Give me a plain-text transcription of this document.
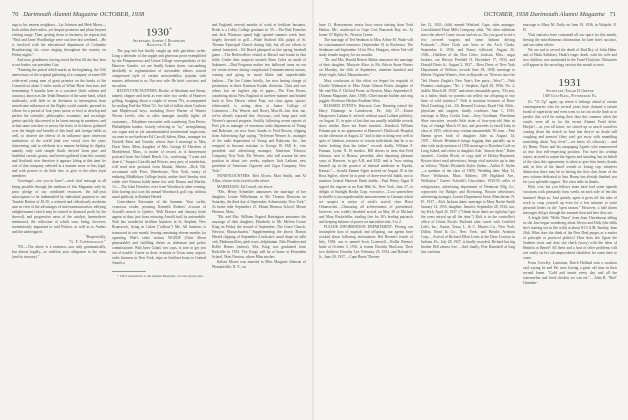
70 Dartmouth Alumni Magazine OCTOBER, 1938

ings to his nearest neighbors—Lyt Johnson and Herb Morse—both within three miles, yet despite promises and plans beyond visiting range. Then, getting down to business, he reports that "Paul and Janet Woodbridge were out here last weekend.....He is involved with the educational department of Columbia Broadcasting, his voice ringing throughout the country on Friday nights."

And now, gentlemen, having saved the best till the last, here is our leader, our president Gus:

"Entering the period which marks as the beginning, the 15th anniversary of the original gathering of a company of some 650 wide-eyed young men of great promise on the banks of the Connecticut about 5 miles north of White River Junction, and terminating 9 months later in a conclave (both solemn and raucous), known as the Tenth Reunion of the same band, which studiously, with little or no deviation or interruption from unwelcome influences of the Bigley world outside, pursued its efforts for a period of four years (more or less) to develop and perfect the scientific, philosophic, economic, and sociologic genius quickly discovered to be latent among its members, and at that same conclave to survey the fruits of its labors, gathered over the length and breadth of this land, and foreign fields as well, to observe the effects of its influence upon timeworn institutions of the world (and vice versa) over the years intervening, and to celebrate in a manner befitting its dignity, namely, only with simple fluids derived from pure and healthful cereals, grains, and berries gathered from this country and Scotland; now therefore it appears fitting at this time for one of that company, selected in a manner more or less legal, and with powers to do little else, to give to the other loyal members:

'Greetings!—see you in June!'—each vital message to all being possible through the medium of this Magazine only by prior pledge of our combined resources, the full-year subscription to be indemnified by individual payment to one Trunkie Britton of $1.50, a reduced and ridiculously moderate sum in view of the advantages of intercommunication, edifying enlightenment (which may be turned to financial profit by the shrewd), and progressive news of the catalyst, hereinabove mentioned, the collection of which sum, being, however, momentously important to said Britton, as well as to Anders and the undersigned.

"Respectfully,

"G. F. Tobbermann."

"P.S.—The above is a sentence—not only grammatically, but almost legally—to reaffirm your allegiance to the class (and its treasury)."

1930*
Secretary, Albert I. Dickerson
Hanover, N. H.

The gag rule has finally caught up with garrulous scribe. Long a defender of the supple and generous prose exemplified by the Pompanoosuc and Union Village correspondents of the Hanover Gazette, we are finally beaten down, succumbing decidedly to regimentation of inexorable editors toward compressed style of certain newsweeklies, popular with masses, abhorrent to us. Our new rule: Be brief, succinct, and succulent.

RECENT ENCOUNTERS: Roulie, of Abraham and Straus, tanned, chipper and fresh as ever after two weeks of Hanover golfing, bragging about a couple of recent 79's, accompanied by smiling Fred the White '31. Are full of tidbits about Goshens and Maplewood boys, including Steve Warner of Warner Woven Levels, who as sales manager steadily fights off customers.....Telephone encounter with wandering Tom Peirce, Philadelphia banker, loosely referring to "us," strengthening our vague and as yet unsubstantiated matrimonial suspicions, on route to see hardware Ed Carroll, Salem, Mass., manager for Norfolk Paint and Varnish, whose June 4 marriage to Miss Doris Shaw Allen, daughter of Mrs. George D. Hershaw of Marblehead, Mass., is matter of record, as is honeymoon postcard from Sea Island Beach, Ga., confessing "I went and done it." Suspect Carrolls and Peirces, easy prey of wanderlust, will send next postcard from Irkutsk, Siberia.....Dick Tilt, accountant with Price, Waterhouse, New York, weary of enduring Middlebury College books, makes brief Sunday visit while wife Eleanor holds home fort with Donna, and Martha, 1¼.....The John Frenches, over from Woodstock other evening, John having just won his annual Woodstock golf cup, without usual publicity in Rutland Herald.

Coincidence Encounter of the Summer. Your scribe, voracious reader, perusing Kenneth Roberts' account of Arnold's march to Quebec. Walt Dresser and January bride appear at door, just from retracing Arnold trail, by automobile. Walt has wonderful fertilizer business in St. Stephen, New Brunswick, living in Calais ("callous") Me. All business is transacted in one month, leaving remaining eleven months for operating Walt's radio station, WCEDF (Clint Abern pleasurable) and fulfilling duties as alderman and police commissioner. Walt hires Calais' two cops, is sure to get you out of trouble. Career so dose: aviation re Texas army airport; radio business in New York, trips on fertilizer boats to Central America

* 100% subscribers to the Alumni Magazine, on class group plan.

and England; several months of work at fertilizer business. Bride is a Colby College graduate in '35.....The Bud Frenches and Jack Winstons spend high spirited summer week here, largely devoted to golf.....Wade Stafford fills pulpit of St. Thomas Episcopal Church during July, but all our efforts to attend frustrated.....Ed Brazil glimpsed at late spring baseball game.....The Heffersellers visited at Bristol and found in fine fettle. Under their auspices unearth Shaw Coles on sands of Sakonnet.....Dud Ferguson makes few hallowed turns on our ice cream freezer during complicated Commencement season, coming and going in usual blithe and unpredictable fashion.....The Joe Colans briefly, Joe now having charge of production in three Eastman Kodak divisions. Clint and two others lost on fugitive slip of paper.....The Fran Horns, wandering about New England in carefree manner and headed back to New Haven, where Fran, ace class agent, spruce, whitesuited, is acting dean at Junior College of Commerce.....Pat Weaver and Rosey Morrill—but dear me, we've already reported this. Anyways, can't keep pace with Weaver's upward progress. Swiftly following recent reports of Pat's job as manager of enormous radio department of Young and Rubicam, we now have, thanks to Fred Bowen, clipping from Advertising Age saying, "Sylvester Weaver Jr., manager of the radio department of Young and Rubicam, Inc., has resigned to become assistant to George W. Hill Jr., vice president and advertising manager, American Tobacco Company, New York. Mr. Weaver, who will assume his new position in about two weeks, replaces Jack Latham, new president of American Cigarette and Cigar Company, New York."

NONENCOUNTERS: Red Alcorn, Mort Smith, and Al Allyn, whose visits foxed scribe above.

MARRIAGES: Ed Carroll, see above.

"Mrs. Henry Schneider announces the marriage of her daughter, Louise Wilhelmina, to Mr. Thomas Donovan on Saturday, the third day of September, Schenectady, New York." At home after September 15, Mount Hermon School, Mount Hermon, Mass.

"Mr. and Mrs. William Osgood Harrington announce the marriage of their daughter, Elizabeth, to Mr. Melvin Crowe King on Friday the second of September, The Grace Church, Newton, Massachusetts." Supplementing the above, Boston Herald clipping of September 4 indicates usual drape on tulle veil, Madonna lilies, pink roses, delphinium. Nels Flanders and Rollie Brems (ushers). Mrs. King was graduated from Radcliffe in 1933. The Kings will be at home at Fessenden School, West Newton, where Mim teaches.

Kelsea Moore was married to Miss Margaret Johnson of Pleasantville, N. Y., on

OCTOBER, 1938 Dartmouth Alumni Magazine 71

June 11. Honeymoon: motor boat cruise starting from York Harbor, Me., southward to Cape Cod, Buzzards Bay, etc. At home: 67 Ripley St., Newton Center.

The marriage of Ted Seidman to Miss Arline M. Wade will be consummated tomorrow (September 9) in Rochester. The Seidmans sail September 14 for Pécs, Hungary, where Ted will study female surgery for six months.

"Dr. and Mrs. Harold Robert Mahar announce the marriage of their daughter, Marjorie Alice, to Mr. Edwin Stone Waters on Monday, the fifth of September, nineteen hundred and thirty-eight, Athol, Massachusetts."

Must conclusion of this effort we depart for nuptials of Charlie Widmayer to Miss Alone Gilman Porter, daughter of Mr. and Mrs. F. Clifford Porter, in Newton, Mass. September 8. (Alumni Magazine, June, 1938). Chief morale builder and ring juggler: Professor Herbert Faulkner West.

BLESSED EVENTS: Harrison Case Dunning joined the Harry Dunnings in Lansdowne, Pa., July 27.....Ernest Hargreaves Latham Jr. arrived, without usual Latham publicity, on August 11, in spite of fact that our usually infallible records show neither Dave nor Ernie married.....Kendrick William Putnam put in an appearance at Hanover's Hitchcock Hospital on the afternoon of August 21 "and to date is doing very well in spite of fabulous assertion of certain individuals that he is no better looking than his father," records daddy, William F. Putnam, Lyme, N. H. medico. Bill throws in item that Fred Johnson, sent to Boston, preceded, after departing pleasant ways of Hanover, to get A.B. and M.D. and is "now setting himself up in the practice of internal medicine in Topeka, Kansas.".....Arnold Emmet Sigler arrived on August 18 at the Ross Siglers, where he is pride of three-year-old Judith, not to mention Central Hanover Bank daddy.....Paul Henry Zagat II signed the register at no East 86th St., New York, June 27, to delight of Sunlight Realty Corp. executive.....Lost somewhere in shuffle is incomprehensible announcement in German which we suspect is notice of stork's arrival chez Horst Orbanowski.....Climaxing all achievements of parenthood, however, was widely heralded arrival on May 28 of Michael and Mary Rockefeller, totaling five for 30's leading patriarch and keeping balance of power on masculine side, 3 to 2.

FULLER INFORMATION DEPARTMENT: Piecing out incomplete data of nuptials and offspring, our agents have worked down following information: Hal Boome's fourth of July, 1938, son is named Scott Cromwell.....Rollie Brems's bride of October 3, 1931, is former Dorothy MacLean. Their two children: Dorothy Lee, February 25, 1934, and Roland C. Jr., June 29, 1937.....Cape Burns' Decem-

ber 12, 1933, child, named Winifred. Cape, sales manager, Consolidated Flour Mills Company, adds, "No other additions since the above! Come on out and see us. Do you good to see a few covered wagons and some Indians driving Packards.".....Peter Clark was born to the Arch Clarks, September 6, 1934, and Nancy followed, August 26, 1936.....Children of the Don Coles, Jackson, Miss., sugar brokers, are Harvey Penfield II, December 17, 1933, and Donald Davis Jr., August 2, 1937.....Hoss Drew, of New York Department of Welfare, records June 28, 1938, marriage to Helene Virginia Winters; lives in Bayside; no '30 news since he "left Howie Ziegler's New Year's Eve party—Wow!".....Nels Flanders catalogues: "No. 1: Stephen, April 29, 1936; No. 2, Judith, March 28, 1938," and raises reasonable query, "Do you, as a father, think we parents can reflect our offspring to two lines of cold statistics?" Nels is assistant treasurer of Barre Wool Combing, Ltd.....Dr. Bernard Coriepo, Royal Oak, Mich., physician and surgeon, finally confesses June 1, 1935, marriage to Mary Cecilia Gant.....Jerry Goodman, Floesheim Shoe executive, records little sister of four-year-old John as Ann, of vintage March 10 last, and proceeds to enroll John in class of 1955, which may contain innumerable '30 sons.....Pete Hamm gives birth of daughter Julie as August 14, 1937.....Howie Heimbach brings logging data partially up to date with tardy mention of 1935 marriage to Dorothea Goff on Long Island, and refers to daughter Ada, "almost three." Dates awaited.....Gordon Illwitt, of copy staff of Dickey-Raymond, Boston direct mail advertisers, brings vital statistics up to date as follows: "Bride: Elizabeth Styles (father—Arthur E. Styles—a member of the class of 1905). Wedding date: May 14. Place: Wollaston, Mass. Address: 189 Highland Ave., Wollaston." Career: Schrafft's Chocolates, 1930-35; seller of refrigerators; advertising department of Dennison Mfg Co.; copywriter for Badger and Browning, Boston advertisers; advertising manager, Leavitt Department Store, Manchester, N. H., 1937.....Kirk Jackson dates: marriage to Mary Roche Smith January 14, 1933; daughter, Jennifer, September 28, 1934; son, Jay Kirk, April 20, 1937. ("I think those dates are right but I get the years mixed up all the time.") Kirk is in the controller's office of Union Pacific Railroad after career with Certified Lab's, Inc., Austin, Texas; L. & C. Mayers Co., New York; Dillon, Read & Co., New York; and Bendix Aviation Corp.....Arrival of Richard Elkin Lewis at the Dave Lewises in Indiana, Pa., July 28, 1937, is finally recorded. Richard has big brother Bill almost five.....And finally, Pete Ramsdell at long last confirms

marriage to Mary M. Duffy on June 19, 1936, in Walpole, N. H.

Vital statistics have consumed all our space for this month, leaving the miscellaneous information for later brief, succinct, and succulent efforts.

We are sad to record the death of Bud Bry, of John Hahn, and of Hank Salisbury. Hank's tragic death, with his wife and two children, was mentioned in the Fund-Thirtyiter. Obituaries will appear in the necrology section this month or next.

1931
Secretary, Edgar H. Greene
1309 Gulf Bldg., Pittsburgh, Pa.

It's "'31 Up" again, up where it belongs ahead of certain contemporaries who for several years have claimed a certain brand of superiority and even went so far out on the limb as to predict that we'd be eating their dust this summer when the results were all in for the recent Alumni Fund drive. Heeple!.....as you all know, we stirred up so much ourselves coming down the stretch in June that they're no doubt still coughing and sneezin' (they can't get away with mumbling something about "hay fever"—we know it's silicosis) .....and it's Beany Thorn and his rampaging Agents who maneuvered us into that self-respecting position. You have his windup report, no need to repeat the figures and standing, but on behalf of the class this opportunity is taken to give him hearty thanks and, in lieu of the laurel wreath or loving cup, whatever distinction there may be in having the first class letter of the new volume dedicated to him. Beany has already thanked you for your splendid support. The class adds its thanks.

Holy cow, but you fellows must have had some tapeesh vacations with pleasantly busy weeks on each side of 'em this summer! Hope so. And quickly agree it gives off the odor of work to coop yourself up even for a few minutes to write personal letters in the "open season." However, a half dozen messages did get through the summer heat and here they are:

A bright little "Hello There" from Jean Thornhuson telling us she first began wondering about Alvera and Dick (she hillis she's starting out in life with) at about 8:15 A.M. Sunday, June 26th. What does she think of the New Deal purges as a matter of principle or practical politics? How does she figure the Sudeten crisis and does she check (sorry) with the ideas of Henlein or Beneš? All these and a host of other problems will rest easily on her talcumpowdered shoulders for some time to come.

From Crowley, Louisiana, Dutch Holland sent a vacation card saying he and Pat were having a great old time in their second home. "Gold and tennis every day and all the watermelon and fried chicken we can eat.".....John B. "Red" Chamber-
